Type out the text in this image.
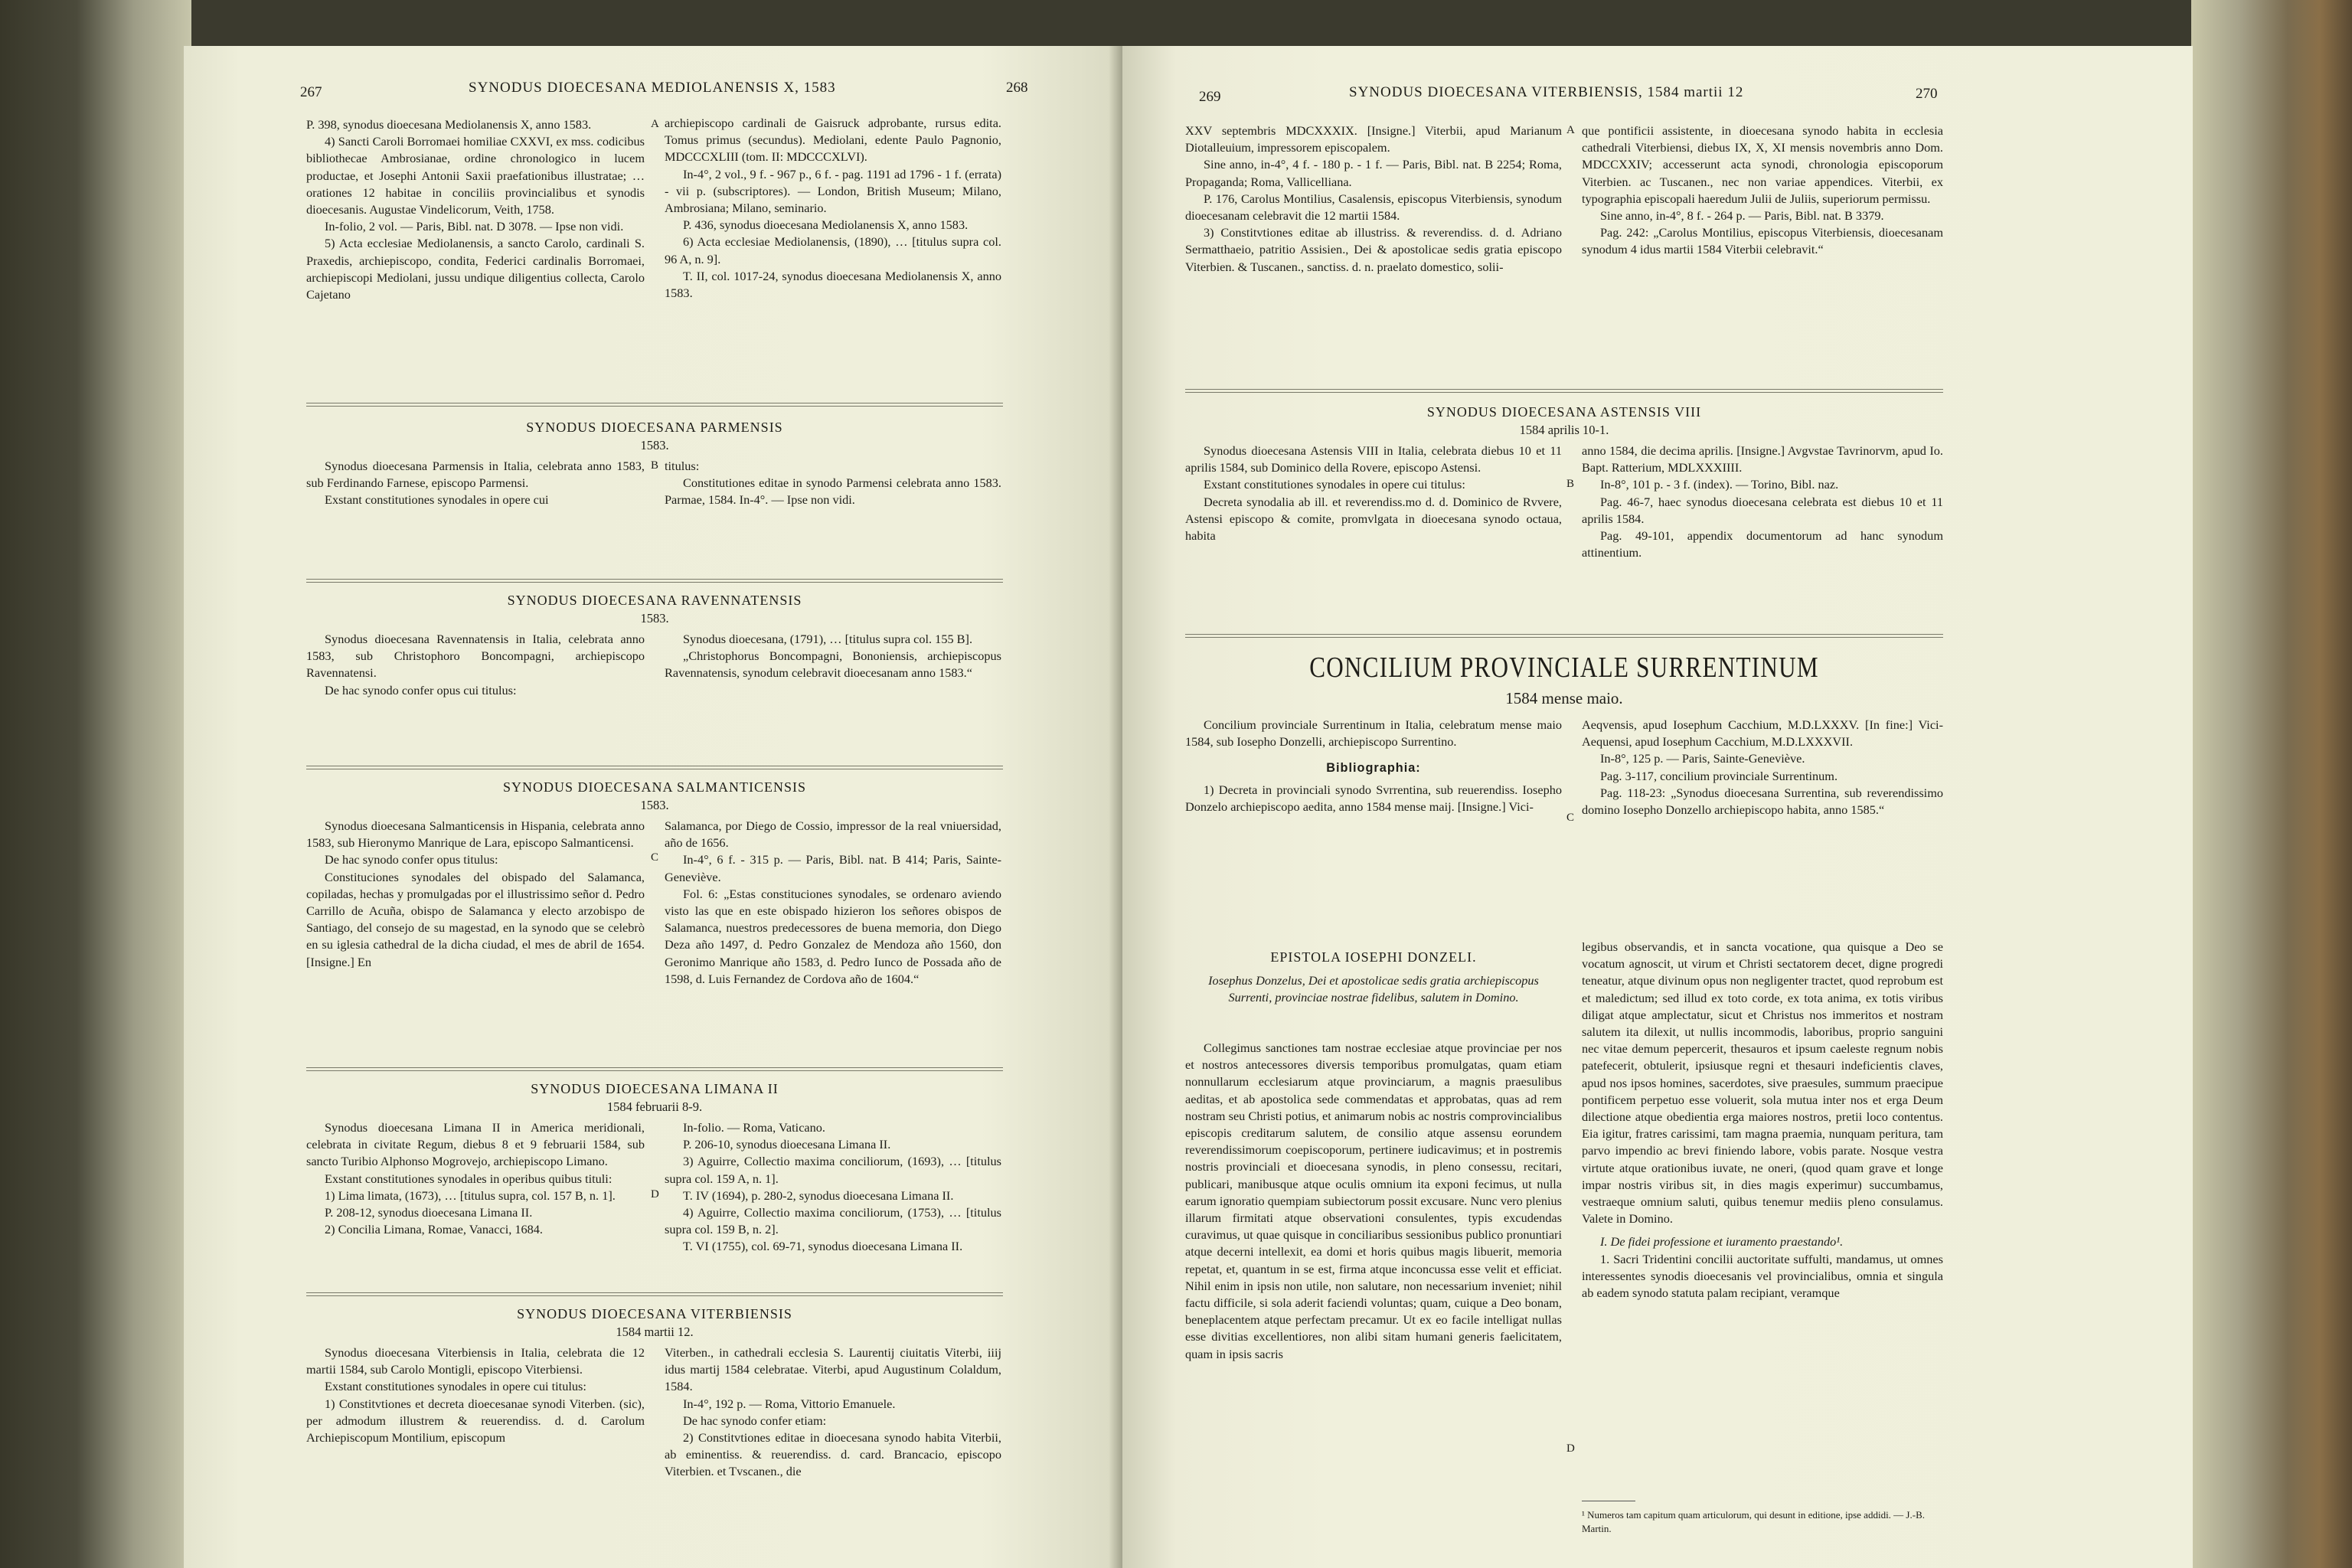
267	SYNODUS DIOECESANA MEDIOLANENSIS X, 1583	268

P. 398, synodus dioecesana Mediolanensis X, anno 1583.

4) Sancti Caroli Borromaei homiliae CXXVI, ex mss. codicibus bibliothecae Ambrosianae, ordine chronologico in lucem productae, et Josephi Antonii Saxii praefationibus illustratae; … orationes 12 habitae in conciliis provincialibus et synodis dioecesanis. Augustae Vindelicorum, Veith, 1758.

In-folio, 2 vol. — Paris, Bibl. nat. D 3078. — Ipse non vidi.

5) Acta ecclesiae Mediolanensis, a sancto Carolo, cardinali S. Praxedis, archiepiscopo, condita, Federici cardinalis Borromaei, archiepiscopi Mediolani, jussu undique diligentius collecta, Carolo Cajetano

A archiepiscopo cardinali de Gaisruck adprobante, rursus edita. Tomus primus (secundus). Mediolani, edente Paulo Pagnonio, MDCCCXLIII (tom. II: MDCCCXLVI).

In-4°, 2 vol., 9 f. - 967 p., 6 f. - pag. 1191 ad 1796 - 1 f. (errata) - vii p. (subscriptores). — London, British Museum; Milano, Ambrosiana; Milano, seminario.

P. 436, synodus dioecesana Mediolanensis X, anno 1583.

6) Acta ecclesiae Mediolanensis, (1890), … [titulus supra col. 96 A, n. 9].

T. II, col. 1017-24, synodus dioecesana Mediolanensis X, anno 1583.

SYNODUS DIOECESANA PARMENSIS
1583.

Synodus dioecesana Parmensis in Italia, celebrata anno 1583, sub Ferdinando Farnese, episcopo Parmensi.

Exstant constitutiones synodales in opere cui

B titulus:

Constitutiones editae in synodo Parmensi celebrata anno 1583. Parmae, 1584. In-4°. — Ipse non vidi.

SYNODUS DIOECESANA RAVENNATENSIS
1583.

Synodus dioecesana Ravennatensis in Italia, celebrata anno 1583, sub Christophoro Boncompagni, archiepiscopo Ravennatensi.

De hac synodo confer opus cui titulus:

Synodus dioecesana, (1791), … [titulus supra col. 155 B].

„Christophorus Boncompagni, Bononiensis, archiepiscopus Ravennatensis, synodum celebravit dioecesanam anno 1583.“

SYNODUS DIOECESANA SALMANTICENSIS
1583.

Synodus dioecesana Salmanticensis in Hispania, celebrata anno 1583, sub Hieronymo Manrique de Lara, episcopo Salmanticensi.

De hac synodo confer opus titulus:

Constituciones synodales del obispado del Salamanca, copiladas, hechas y promulgadas por el illustrissimo señor d. Pedro Carrillo de Acuña, obispo de Salamanca y electo arzobispo de Santiago, del consejo de su magestad, en la synodo que se celebrò en su iglesia cathedral de la dicha ciudad, el mes de abril de 1654. [Insigne.] En

C

Salamanca, por Diego de Cossio, impressor de la real vniuersidad, año de 1656.

In-4°, 6 f. - 315 p. — Paris, Bibl. nat. B 414; Paris, Sainte-Geneviève.

Fol. 6: „Estas constituciones synodales, se ordenaro aviendo visto las que en este obispado hizieron los señores obispos de Salamanca, nuestros predecessores de buena memoria, don Diego Deza año 1497, d. Pedro Gonzalez de Mendoza año 1560, don Geronimo Manrique año 1583, d. Pedro Iunco de Possada año de 1598, d. Luis Fernandez de Cordova año de 1604.“

SYNODUS DIOECESANA LIMANA II
1584 februarii 8-9.

Synodus dioecesana Limana II in America meridionali, celebrata in civitate Regum, diebus 8 et 9 februarii 1584, sub sancto Turibio Alphonso Mogrovejo, archiepiscopo Limano.

Exstant constitutiones synodales in operibus quibus tituli:

1) Lima limata, (1673), … [titulus supra, col. 157 B, n. 1].

P. 208-12, synodus dioecesana Limana II.

2) Concilia Limana, Romae, Vanacci, 1684.

D

In-folio. — Roma, Vaticano.

P. 206-10, synodus dioecesana Limana II.

3) Aguirre, Collectio maxima conciliorum, (1693), … [titulus supra col. 159 A, n. 1].

T. IV (1694), p. 280-2, synodus dioecesana Limana II.

4) Aguirre, Collectio maxima conciliorum, (1753), … [titulus supra col. 159 B, n. 2].

T. VI (1755), col. 69-71, synodus dioecesana Limana II.

SYNODUS DIOECESANA VITERBIENSIS
1584 martii 12.

Synodus dioecesana Viterbiensis in Italia, celebrata die 12 martii 1584, sub Carolo Montigli, episcopo Viterbiensi.

Exstant constitutiones synodales in opere cui titulus:

1) Constitvtiones et decreta dioecesanae synodi Viterben. (sic), per admodum illustrem & reuerendiss. d. d. Carolum Archiepiscopum Montilium, episcopum

Viterben., in cathedrali ecclesia S. Laurentij ciuitatis Viterbi, iiij idus martij 1584 celebratae. Viterbi, apud Augustinum Colaldum, 1584.

In-4°, 192 p. — Roma, Vittorio Emanuele.

De hac synodo confer etiam:

2) Constitvtiones editae in dioecesana synodo habita Viterbii, ab eminentiss. & reuerendiss. d. card. Brancacio, episcopo Viterbien. et Tvscanen., die

269	SYNODUS DIOECESANA VITERBIENSIS, 1584 martii 12	270

XXV septembris MDCXXXIX. [Insigne.] Viterbii, apud Marianum Diotalleuium, impressorem episcopalem.

Sine anno, in-4°, 4 f. - 180 p. - 1 f. — Paris, Bibl. nat. B 2254; Roma, Propaganda; Roma, Vallicelliana.

P. 176, Carolus Montilius, Casalensis, episcopus Viterbiensis, synodum dioecesanam celebravit die 12 martii 1584.

3) Constitvtiones editae ab illustriss. & reverendiss. d. d. Adriano Sermatthaeio, patritio Assisien., Dei & apostolicae sedis gratia episcopo Viterbien. & Tuscanen., sanctiss. d. n. praelato domestico, solii-

A que pontificii assistente, in dioecesana synodo habita in ecclesia cathedrali Viterbiensi, diebus IX, X, XI mensis novembris anno Dom. MDCCXXIV; accesserunt acta synodi, chronologia episcoporum Viterbien. ac Tuscanen., nec non variae appendices. Viterbii, ex typographia episcopali haeredum Julii de Juliis, superiorum permissu.

Sine anno, in-4°, 8 f. - 264 p. — Paris, Bibl. nat. B 3379.

Pag. 242: „Carolus Montilius, episcopus Viterbiensis, dioecesanam synodum 4 idus martii 1584 Viterbii celebravit.“

SYNODUS DIOECESANA ASTENSIS VIII
1584 aprilis 10-1.

Synodus dioecesana Astensis VIII in Italia, celebrata diebus 10 et 11 aprilis 1584, sub Dominico della Rovere, episcopo Astensi.

Exstant constitutiones synodales in opere cui titulus:

Decreta synodalia ab ill. et reverendiss.mo d. d. Dominico de Rvvere, Astensi episcopo & comite, promvlgata in dioecesana synodo octaua, habita

B

anno 1584, die decima aprilis. [Insigne.] Avgvstae Tavrinorvm, apud Io. Bapt. Ratterium, MDLXXXIIII.

In-8°, 101 p. - 3 f. (index). — Torino, Bibl. naz.

Pag. 46-7, haec synodus dioecesana celebrata est diebus 10 et 11 aprilis 1584.

Pag. 49-101, appendix documentorum ad hanc synodum attinentium.

CONCILIUM PROVINCIALE SURRENTINUM
1584 mense maio.

Concilium provinciale Surrentinum in Italia, celebratum mense maio 1584, sub Iosepho Donzelli, archiepiscopo Surrentino.

Bibliographia:

1) Decreta in provinciali synodo Svrrentina, sub reuerendiss. Iosepho Donzelo archiepiscopo aedita, anno 1584 mense maij. [Insigne.] Vici-

C

Aeqvensis, apud Iosephum Cacchium, M.D.LXXXV. [In fine:] Vici-Aequensi, apud Iosephum Cacchium, M.D.LXXXVII.

In-8°, 125 p. — Paris, Sainte-Geneviève.

Pag. 3-117, concilium provinciale Surrentinum.

Pag. 118-23: „Synodus dioecesana Surrentina, sub reverendissimo domino Iosepho Donzello archiepiscopo habita, anno 1585.“

EPISTOLA IOSEPHI DONZELI.

Iosephus Donzelus, Dei et apostolicae sedis gratia archiepiscopus Surrenti, provinciae nostrae fidelibus, salutem in Domino.

Collegimus sanctiones tam nostrae ecclesiae atque provinciae per nos et nostros antecessores diversis temporibus promulgatas, quam etiam nonnullarum ecclesiarum atque provinciarum, a magnis praesulibus aeditas, et ab apostolica sede commendatas et approbatas, quas ad rem nostram seu Christi potius, et animarum nobis ac nostris comprovincialibus episcopis creditarum salutem, de consilio atque assensu eorundem reverendissimorum coepiscoporum, pertinere iudicavimus; et in postremis nostris provinciali et dioecesana synodis, in pleno consessu, recitari, publicari, manibusque atque oculis omnium ita exponi fecimus, ut nulla earum ignoratio quempiam subiectorum possit excusare. Nunc vero plenius illarum firmitati atque observationi consulentes, typis excudendas curavimus, ut quae quisque in conciliaribus sessionibus publico pronuntiari atque decerni intellexit, ea domi et horis quibus magis libuerit, memoria repetat, et, quantum in se est, firma atque inconcussa esse velit et efficiat. Nihil enim in ipsis non utile, non salutare, non necessarium inveniet; nihil factu difficile, si sola aderit faciendi voluntas; quam, cuique a Deo bonam, beneplacentem atque perfectam precamur. Ut ex eo facile intelligat nullas esse divitias excellentiores, non alibi sitam humani generis faelicitatem, quam in ipsis sacris

D

legibus observandis, et in sancta vocatione, qua quisque a Deo se vocatum agnoscit, ut virum et Christi sectatorem decet, digne progredi teneatur, atque divinum opus non negligenter tractet, quod reprobum est et maledictum; sed illud ex toto corde, ex tota anima, ex totis viribus diligat atque amplectatur, sicut et Christus nos immeritos et nostram salutem ita dilexit, ut nullis incommodis, laboribus, proprio sanguini nec vitae demum pepercerit, thesauros et ipsum caeleste regnum nobis patefecerit, obtulerit, ipsiusque regni et thesauri indeficientis claves, apud nos ipsos homines, sacerdotes, sive praesules, summum praecipue pontificem perpetuo esse voluerit, sola mutua inter nos et erga Deum dilectione atque obedientia erga maiores nostros, pretii loco contentus. Eia igitur, fratres carissimi, tam magna praemia, nunquam peritura, tam parvo impendio ac brevi finiendo labore, vobis parate. Nosque vestra virtute atque orationibus iuvate, ne oneri, (quod quam grave et longe impar nostris viribus sit, in dies magis experimur) succumbamus, vestraeque omnium saluti, quibus tenemur mediis pleno consulamus. Valete in Domino.

I. De fidei professione et iuramento praestando¹.

1. Sacri Tridentini concilii auctoritate suffulti, mandamus, ut omnes interessentes synodis dioecesanis vel provincialibus, omnia et singula ab eadem synodo statuta palam recipiant, veramque

¹ Numeros tam capitum quam articulorum, qui desunt in editione, ipse addidi. — J.-B. Martin.
